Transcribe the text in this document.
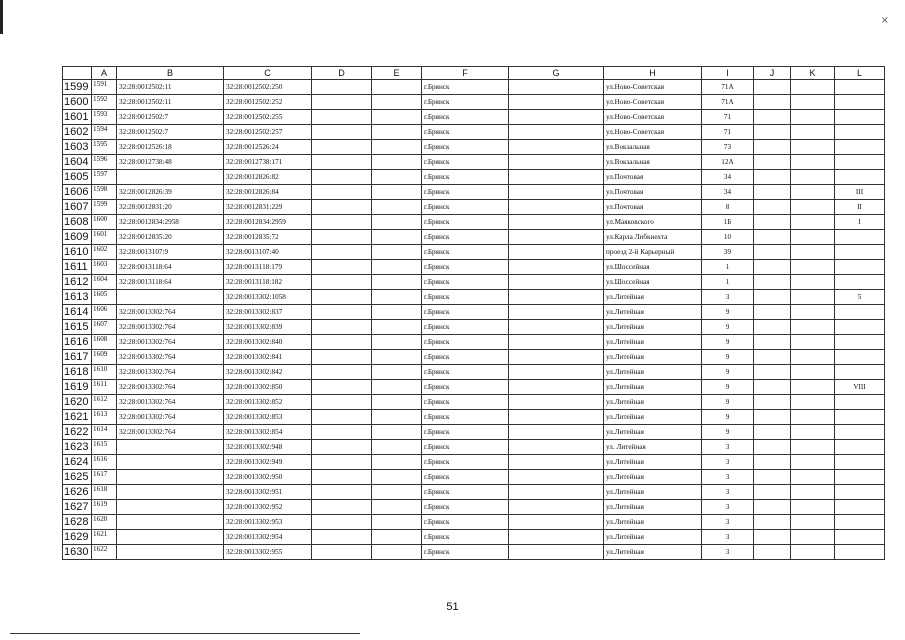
×
	A	B	C	D	E	F	G	H	I	J	K	L
1599	1591	32:28:0012502:11	32:28:0012502:250			г.Брянск		ул.Ново-Советская	71А			
1600	1592	32:28:0012502:11	32:28:0012502:252			г.Брянск		ул.Ново-Советская	71А			
1601	1593	32:28:0012502:7	32:28:0012502:255			г.Брянск		ул.Ново-Советская	71			
1602	1594	32:28:0012502:7	32:28:0012502:257			г.Брянск		ул.Ново-Советская	71			
1603	1595	32:28:0012526:18	32:28:0012526:24			г.Брянск		ул.Вокзальная	73			
1604	1596	32:28:0012738:48	32:28:0012738:171			г.Брянск		ул.Вокзальная	12А			
1605	1597		32:28:0012826:82			г.Брянск		ул.Почтовая	34			
1606	1598	32:28:0012826:39	32:28:0012826:84			г.Брянск		ул.Почтовая	34			III
1607	1599	32:28:0012831:20	32:28:0012831:229			г.Брянск		ул.Почтовая	8			II
1608	1600	32:28:0012834:2958	32:28:0012834:2959			г.Брянск		ул.Маяковского	1Б			I
1609	1601	32:28:0012835:20	32:28:0012835:72			г.Брянск		ул.Карла Либкнехта	10			
1610	1602	32:28:0013107:9	32:28:0013107:40			г.Брянск		проезд 2-й Карьерный	39			
1611	1603	32:28:0013118:64	32:28:0013118:179			г.Брянск		ул.Шоссейная	1			
1612	1604	32:28:0013118:64	32:28:0013118:182			г.Брянск		ул.Шоссейная	1			
1613	1605		32:28:0013302:1058			г.Брянск		ул.Литейная	3			5
1614	1606	32:28:0013302:764	32:28:0013302:837			г.Брянск		ул.Литейная	9			
1615	1607	32:28:0013302:764	32:28:0013302:839			г.Брянск		ул.Литейная	9			
1616	1608	32:28:0013302:764	32:28:0013302:840			г.Брянск		ул.Литейная	9			
1617	1609	32:28:0013302:764	32:28:0013302:841			г.Брянск		ул.Литейная	9			
1618	1610	32:28:0013302:764	32:28:0013302:842			г.Брянск		ул.Литейная	9			
1619	1611	32:28:0013302:764	32:28:0013302:850			г.Брянск		ул.Литейная	9			VIII
1620	1612	32:28:0013302:764	32:28:0013302:852			г.Брянск		ул.Литейная	9			
1621	1613	32:28:0013302:764	32:28:0013302:853			г.Брянск		ул.Литейная	9			
1622	1614	32:28:0013302:764	32:28:0013302:854			г.Брянск		ул.Литейная	9			
1623	1615		32:28:0013302:948			г.Брянск		ул. Литейная	3			
1624	1616		32:28:0013302:949			г.Брянск		ул.Литейная	3			
1625	1617		32:28:0013302:950			г.Брянск		ул.Литейная	3			
1626	1618		32:28:0013302:951			г.Брянск		ул.Литейная	3			
1627	1619		32:28:0013302:952			г.Брянск		ул.Литейная	3			
1628	1620		32:28:0013302:953			г.Брянск		ул.Литейная	3			
1629	1621		32:28:0013302:954			г.Брянск		ул.Литейная	3			
1630	1622		32:28:0013302:955			г.Брянск		ул.Литейная	3			
51
